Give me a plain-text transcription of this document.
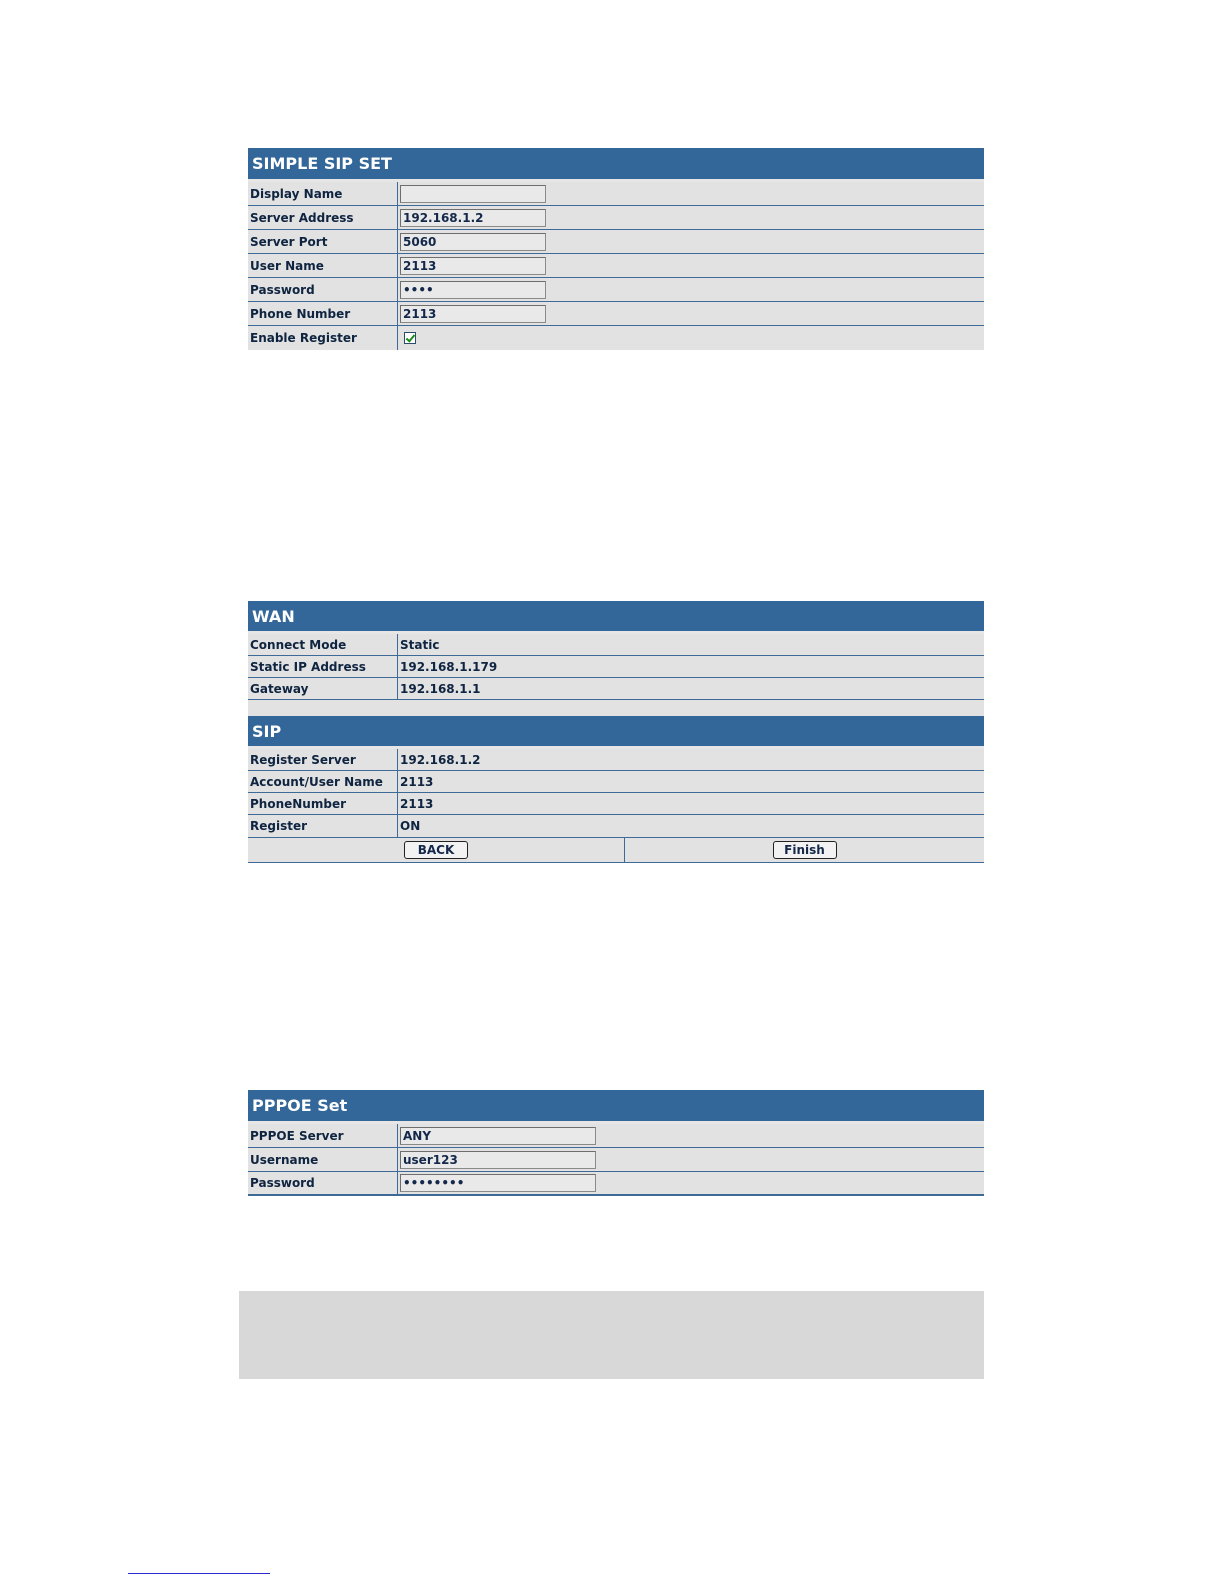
SIMPLE SIP SET
Display Name
Server Address	192.168.1.2
Server Port	5060
User Name	2113
Password	••••
Phone Number	2113
Enable Register
WAN
Connect Mode	Static
Static IP Address	192.168.1.179
Gateway	192.168.1.1
SIP
Register Server	192.168.1.2
Account/User Name	2113
PhoneNumber	2113
Register	ON
BACK	Finish
PPPOE Set
PPPOE Server	ANY
Username	user123
Password	••••••••
